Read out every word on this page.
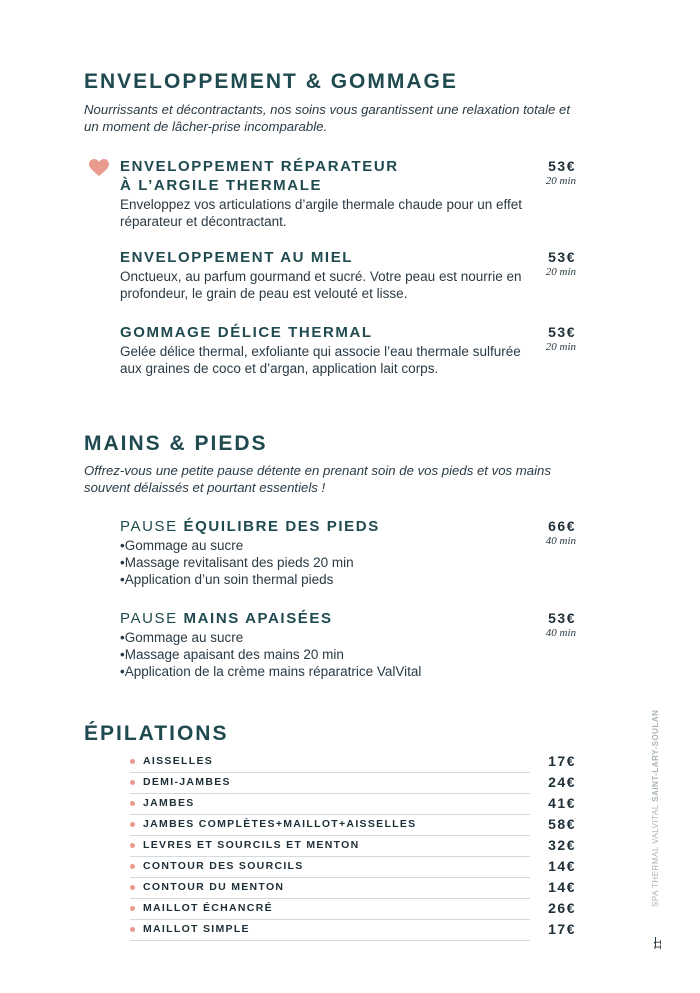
ENVELOPPEMENT & GOMMAGE

Nourrissants et décontractants, nos soins vous garantissent une relaxation totale et un moment de lâcher-prise incomparable.

ENVELOPPEMENT RÉPARATEUR
À L’ARGILE THERMALE
Enveloppez vos articulations d’argile thermale chaude pour un effet réparateur et décontractant.
53€
20 min
ENVELOPPEMENT AU MIEL
Onctueux, au parfum gourmand et sucré. Votre peau est nourrie en profondeur, le grain de peau est velouté et lisse.
53€
20 min
GOMMAGE DÉLICE THERMAL
Gelée délice thermal, exfoliante qui associe l’eau thermale sulfurée aux graines de coco et d’argan, application lait corps.
53€
20 min
MAINS & PIEDS

Offrez-vous une petite pause détente en prenant soin de vos pieds et vos mains souvent délaissés et pourtant essentiels !

PAUSE ÉQUILIBRE DES PIEDS
• Gommage au sucre
• Massage revitalisant des pieds 20 min
• Application d’un soin thermal pieds
66€
40 min
PAUSE MAINS APAISÉES
• Gommage au sucre
• Massage apaisant des mains 20 min
• Application de la crème mains réparatrice ValVital
53€
40 min
ÉPILATIONS
AISSELLES	17€
DEMI-JAMBES	24€
JAMBES	41€
JAMBES COMPLÈTES+MAILLOT+AISSELLES	58€
LEVRES ET SOURCILS ET MENTON	32€
CONTOUR DES SOURCILS	14€
CONTOUR DU MENTON	14€
MAILLOT ÉCHANCRÉ	26€
MAILLOT SIMPLE	17€
SPA THERMAL VALVITAL SAINT-LARY-SOULAN
11
